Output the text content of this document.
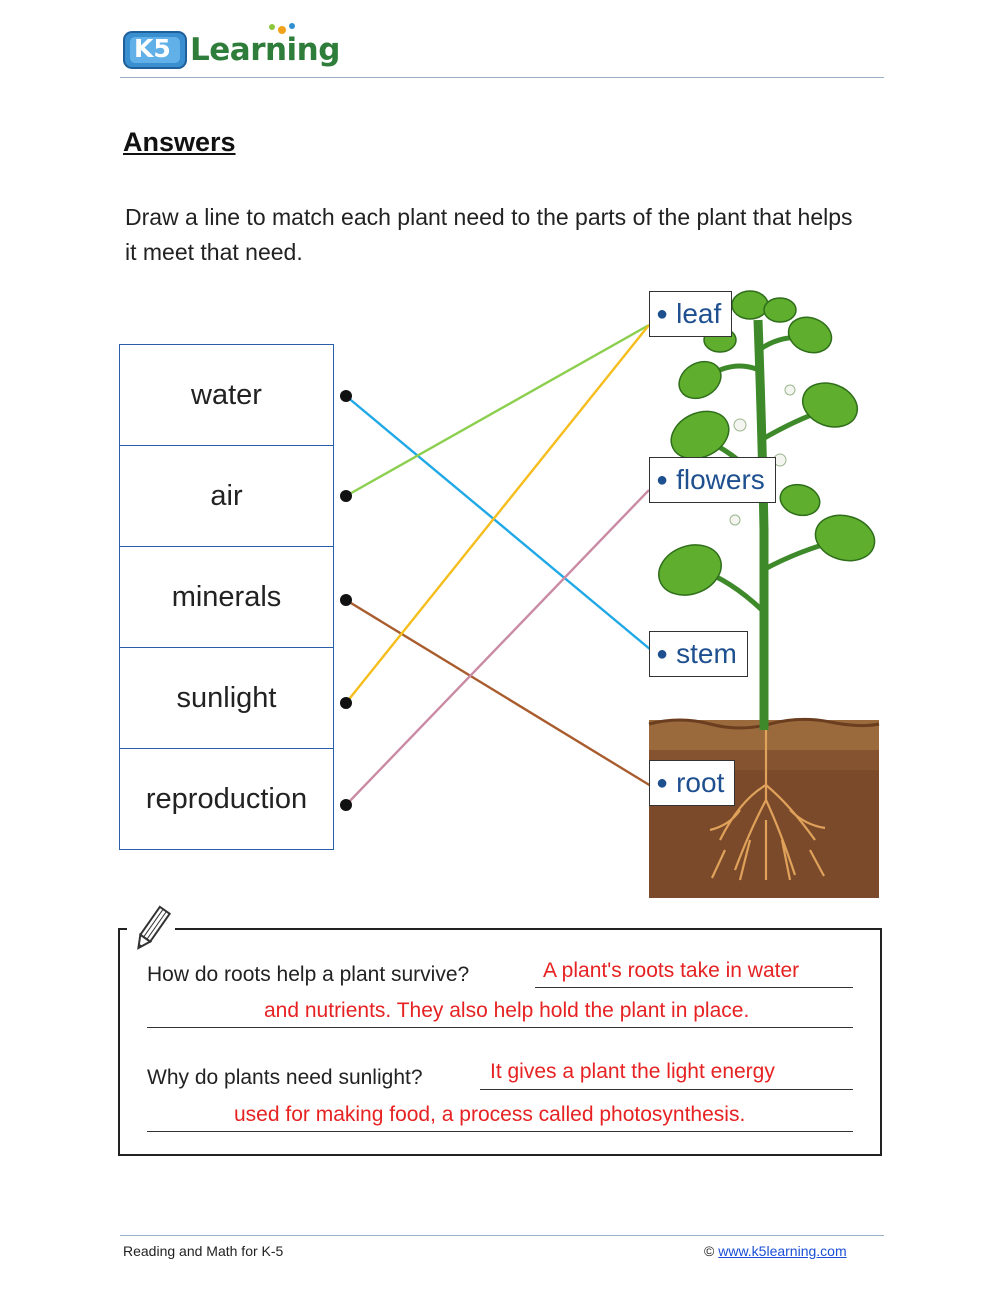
K5 Learning
Answers
Draw a line to match each plant need to the parts of the plant that helps it meet that need.
water
air
minerals
sunlight
reproduction
● leaf
● flowers
● stem
● root
How do roots help a plant survive?	A plant's roots take in water
and nutrients. They also help hold the plant in place.
Why do plants need sunlight?	It gives a plant the light energy
used for making food, a process called photosynthesis.
Reading and Math for K-5	© www.k5learning.com
